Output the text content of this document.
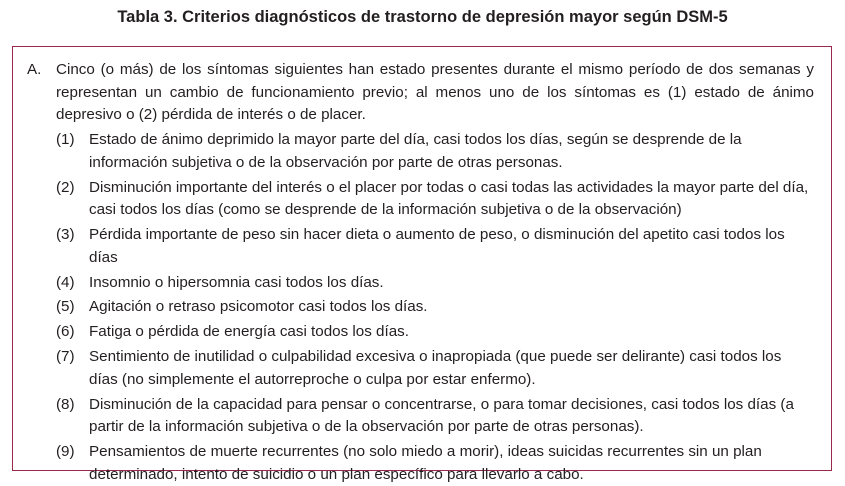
Tabla 3. Criterios diagnósticos de trastorno de depresión mayor según DSM-5
A. Cinco (o más) de los síntomas siguientes han estado presentes durante el mismo período de dos semanas y representan un cambio de funcionamiento previo; al menos uno de los síntomas es (1) estado de ánimo depresivo o (2) pérdida de interés o de placer.
(1) Estado de ánimo deprimido la mayor parte del día, casi todos los días, según se desprende de la información subjetiva o de la observación por parte de otras personas.
(2) Disminución importante del interés o el placer por todas o casi todas las actividades la mayor parte del día, casi todos los días (como se desprende de la información subjetiva o de la observación)
(3) Pérdida importante de peso sin hacer dieta o aumento de peso, o disminución del apetito casi todos los días
(4) Insomnio o hipersomnia casi todos los días.
(5) Agitación o retraso psicomotor casi todos los días.
(6) Fatiga o pérdida de energía casi todos los días.
(7) Sentimiento de inutilidad o culpabilidad excesiva o inapropiada (que puede ser delirante) casi todos los días (no simplemente el autorreproche o culpa por estar enfermo).
(8) Disminución de la capacidad para pensar o concentrarse, o para tomar decisiones, casi todos los días (a partir de la información subjetiva o de la observación por parte de otras personas).
(9) Pensamientos de muerte recurrentes (no solo miedo a morir), ideas suicidas recurrentes sin un plan determinado, intento de suicidio o un plan específico para llevarlo a cabo.
